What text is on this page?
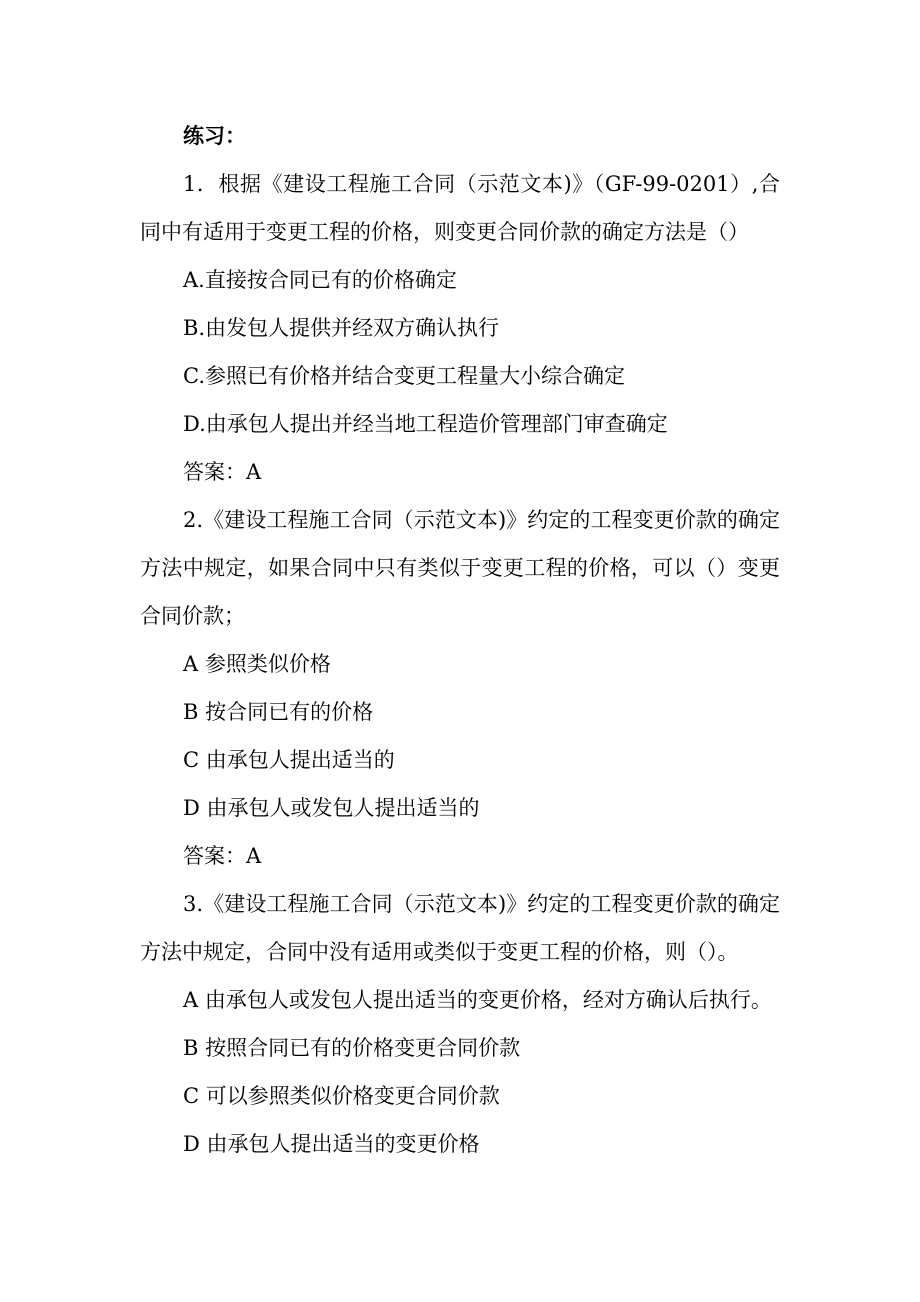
练习：

1．根据《建设工程施工合同（示范文本)》（GF-99-0201）,合同中有适用于变更工程的价格，则变更合同价款的确定方法是（）

A.直接按合同已有的价格确定

B.由发包人提供并经双方确认执行

C.参照已有价格并结合变更工程量大小综合确定

D.由承包人提出并经当地工程造价管理部门审查确定

答案：A

2.《建设工程施工合同（示范文本)》约定的工程变更价款的确定方法中规定，如果合同中只有类似于变更工程的价格，可以（）变更合同价款；

A 参照类似价格

B 按合同已有的价格

C 由承包人提出适当的

D 由承包人或发包人提出适当的

答案：A

3.《建设工程施工合同（示范文本)》约定的工程变更价款的确定方法中规定，合同中没有适用或类似于变更工程的价格，则（）。

A 由承包人或发包人提出适当的变更价格，经对方确认后执行。

B 按照合同已有的价格变更合同价款

C 可以参照类似价格变更合同价款

D 由承包人提出适当的变更价格
